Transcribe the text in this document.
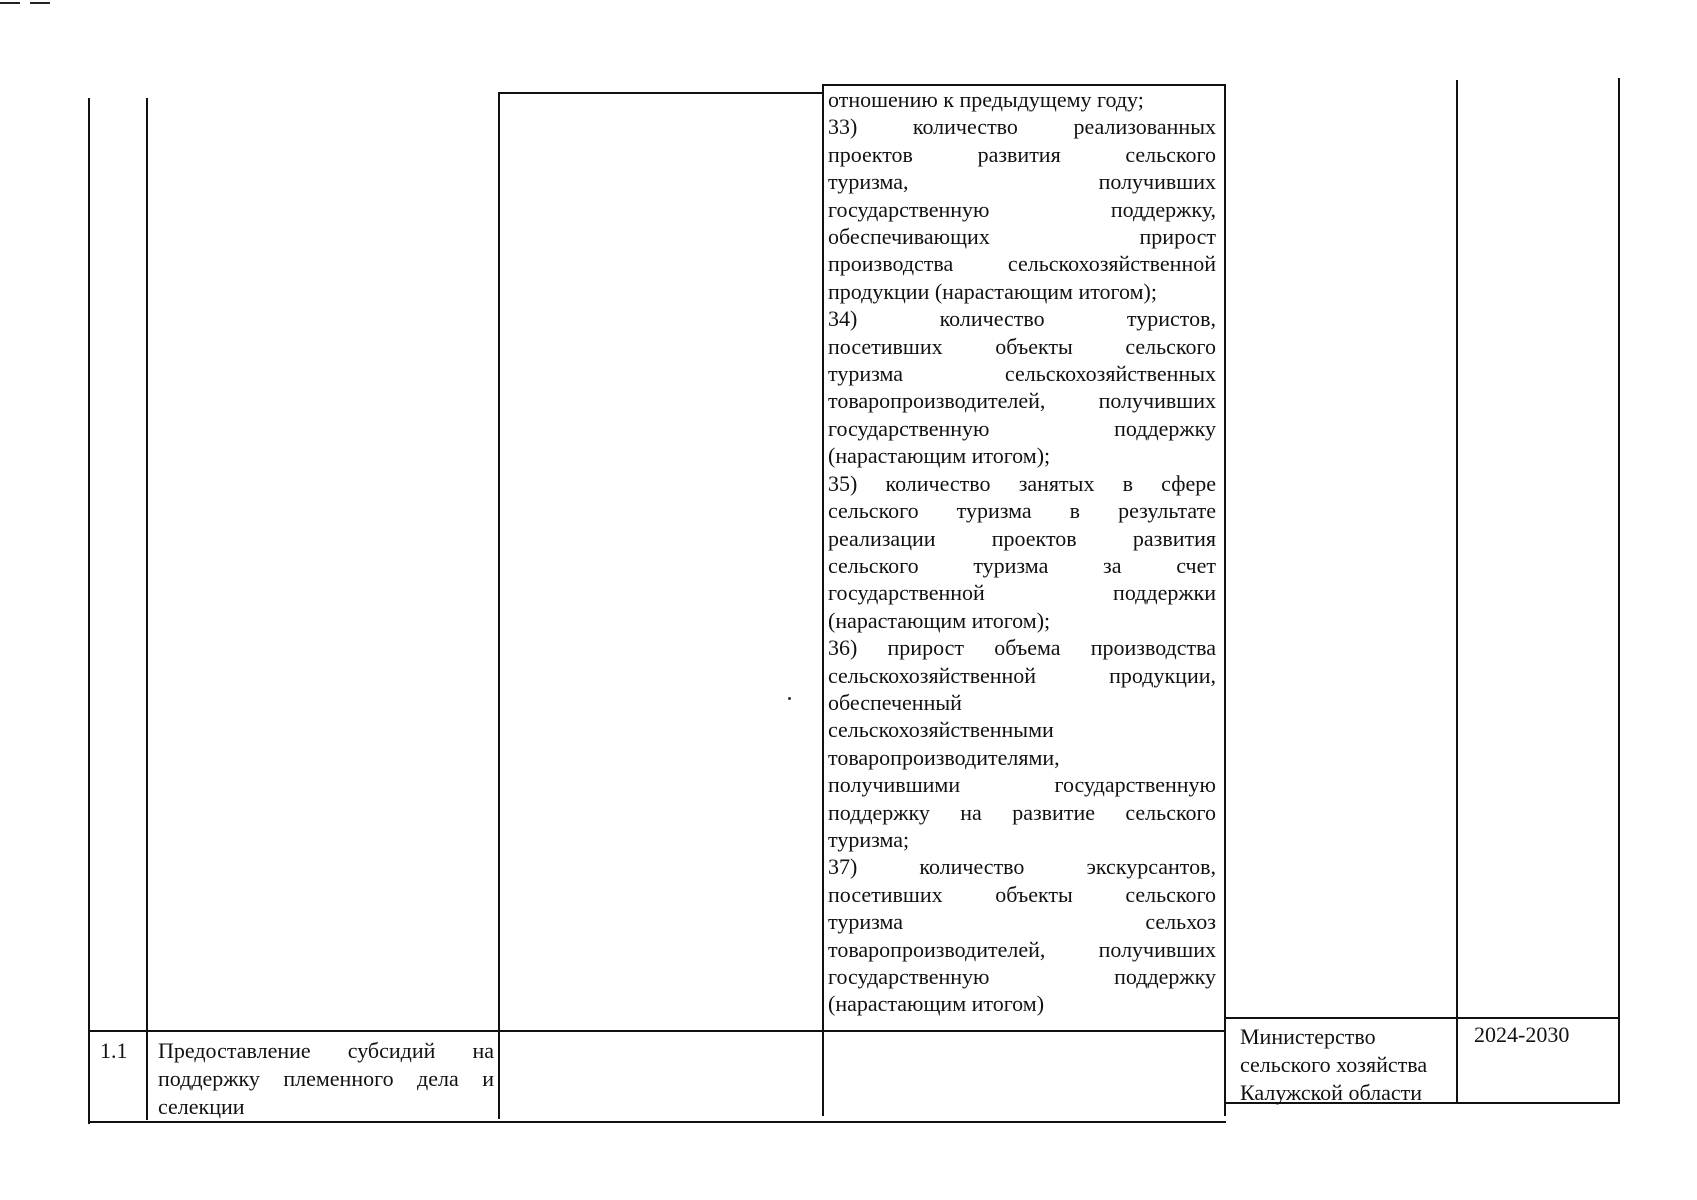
отношению к предыдущему году;
33) количество реализованных
проектов развития сельского
туризма, получивших
государственную поддержку,
обеспечивающих прирост
производства сельскохозяйственной
продукции (нарастающим итогом);
34) количество туристов,
посетивших объекты сельского
туризма сельскохозяйственных
товаропроизводителей, получивших
государственную поддержку
(нарастающим итогом);
35) количество занятых в сфере
сельского туризма в результате
реализации проектов развития
сельского туризма за счет
государственной поддержки
(нарастающим итогом);
36) прирост объема производства
сельскохозяйственной продукции,
обеспеченный
сельскохозяйственными
товаропроизводителями,
получившими государственную
поддержку на развитие сельского
туризма;
37) количество экскурсантов,
посетивших объекты сельского
туризма сельхоз
товаропроизводителей, получивших
государственную поддержку
(нарастающим итогом)
1.1 Предоставление субсидий на
поддержку племенного дела и
селекции
Министерство
сельского хозяйства
Калужской области
2024-2030
